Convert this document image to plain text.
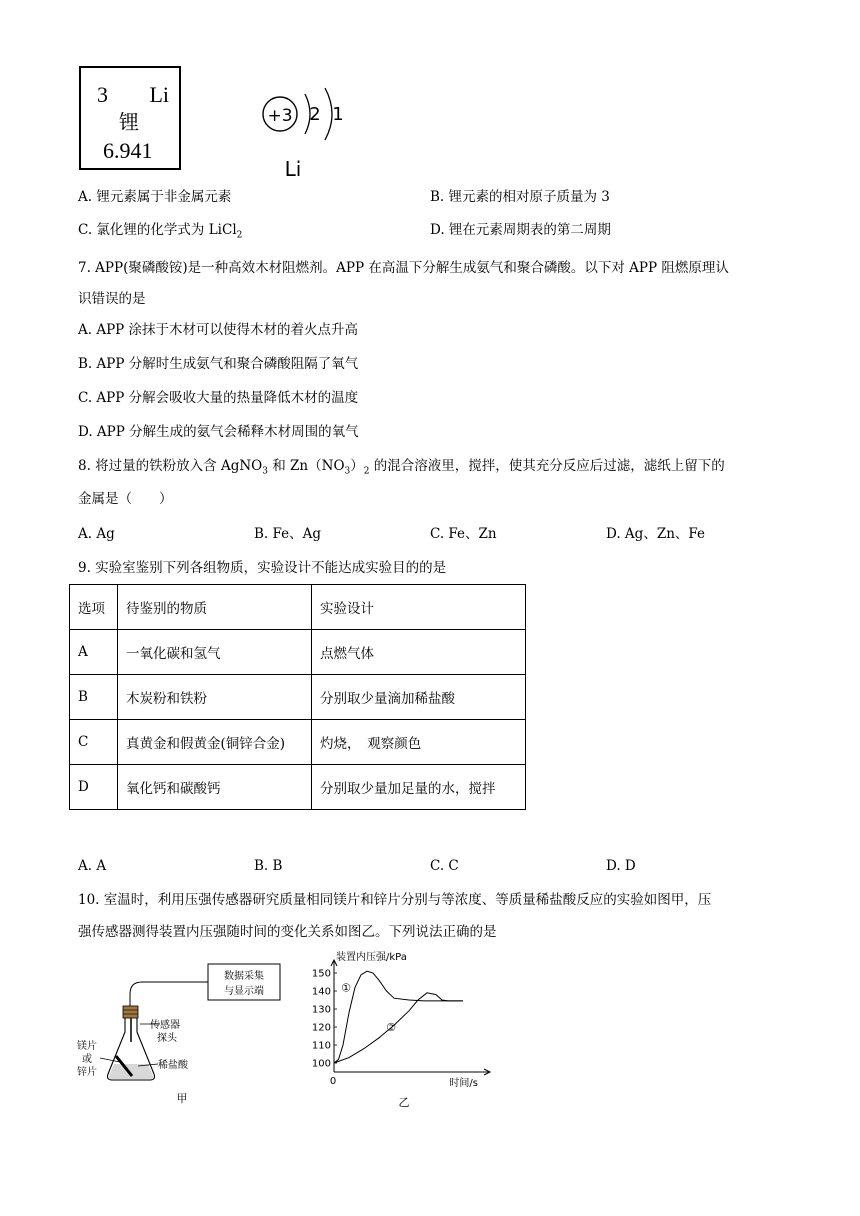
3 Li
锂
6.941
+3 2 1
Li
A. 锂元素属于非金属元素	B. 锂元素的相对原子质量为 3
C. 氯化锂的化学式为 LiCl$_2$	D. 锂在元素周期表的第二周期
7. APP(聚磷酸铵)是一种高效木材阻燃剂。APP 在高温下分解生成氨气和聚合磷酸。以下对 APP 阻燃原理认
识错误的是
A. APP 涂抹于木材可以使得木材的着火点升高
B. APP 分解时生成氨气和聚合磷酸阻隔了氧气
C. APP 分解会吸收大量的热量降低木材的温度
D. APP 分解生成的氨气会稀释木材周围的氧气
8. 将过量的铁粉放入含 AgNO$_3$ 和 $Zn(NO_3)_2$ 的混合溶液里，搅拌，使其充分反应后过滤，滤纸上留下的
金属是（　　）
A. Ag	B. Fe、Ag	C. Fe、Zn	D. Ag、Zn、Fe
9. 实验室鉴别下列各组物质，实验设计不能达成实验目的的是
选项	待鉴别的物质	实验设计
A	一氧化碳和氢气	点燃气体
B	木炭粉和铁粉	分别取少量滴加稀盐酸
C	真黄金和假黄金(铜锌合金)	灼烧，　观察颜色
D	氧化钙和碳酸钙	分别取少量加足量的水，搅拌
A. A	B. B	C. C	D. D
10. 室温时，利用压强传感器研究质量相同镁片和锌片分别与等浓度、等质量稀盐酸反应的实验如图甲，压
强传感器测得装置内压强随时间的变化关系如图乙。下列说法正确的是
数据采集
与显示端
传感器
探头
稀盐酸
镁片
或
锌片
甲
装置内压强/kPa
时间/s
0
100
110
120
130
140
150
①
②
乙
